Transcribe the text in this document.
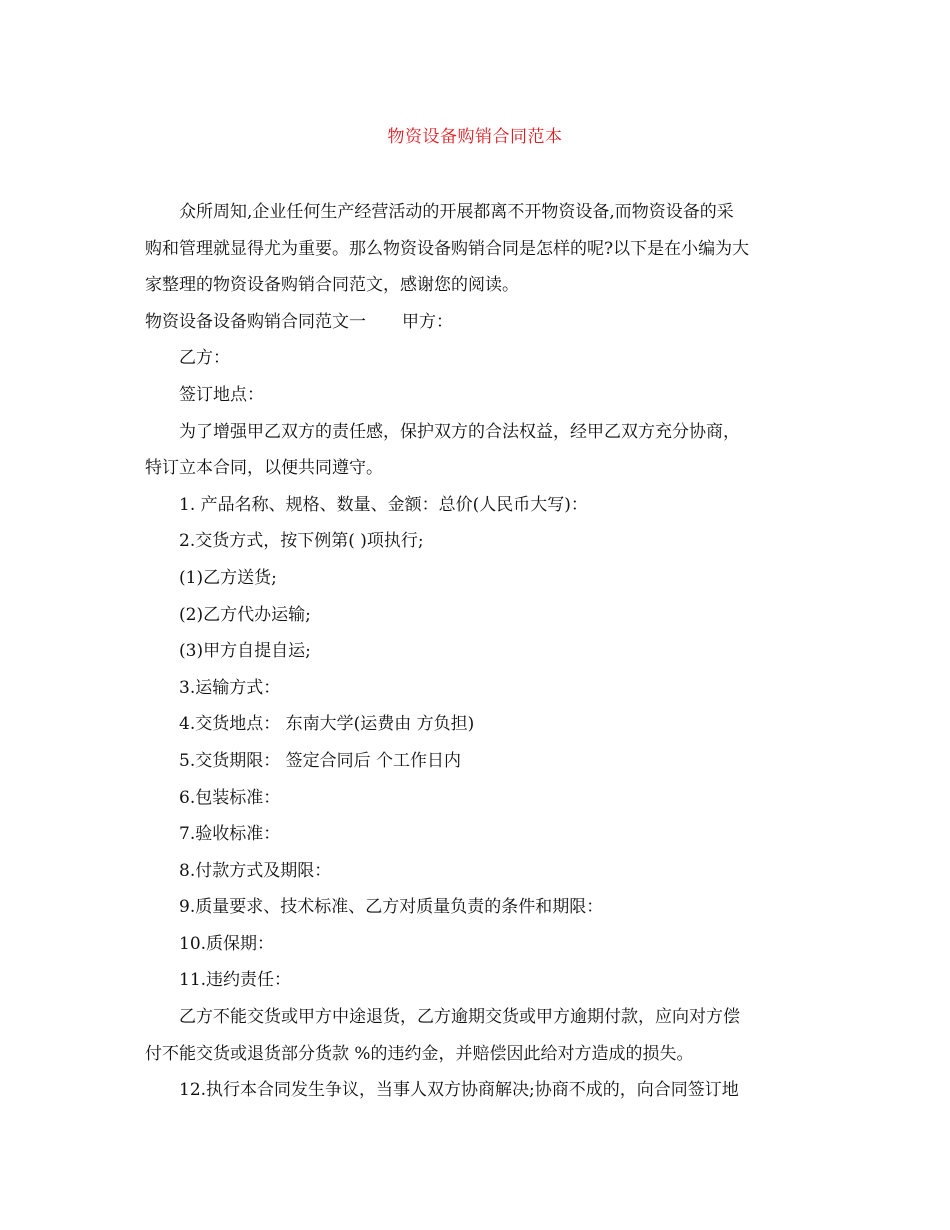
物资设备购销合同范本

众所周知,企业任何生产经营活动的开展都离不开物资设备,而物资设备的采

购和管理就显得尤为重要。那么物资设备购销合同是怎样的呢?以下是在小编为大

家整理的物资设备购销合同范文，感谢您的阅读。

物资设备设备购销合同范文一 甲方：

乙方：

签订地点：

为了增强甲乙双方的责任感，保护双方的合法权益，经甲乙双方充分协商，

特订立本合同，以便共同遵守。

1. 产品名称、规格、数量、金额：总价(人民币大写)：

2.交货方式，按下例第( )项执行;

(1)乙方送货;

(2)乙方代办运输;

(3)甲方自提自运;

3.运输方式：

4.交货地点： 东南大学(运费由 方负担)

5.交货期限： 签定合同后 个工作日内

6.包装标准：

7.验收标准：

8.付款方式及期限：

9.质量要求、技术标准、乙方对质量负责的条件和期限：

10.质保期：

11.违约责任：

乙方不能交货或甲方中途退货，乙方逾期交货或甲方逾期付款，应向对方偿

付不能交货或退货部分货款 %的违约金，并赔偿因此给对方造成的损失。

12.执行本合同发生争议，当事人双方协商解决;协商不成的，向合同签订地
